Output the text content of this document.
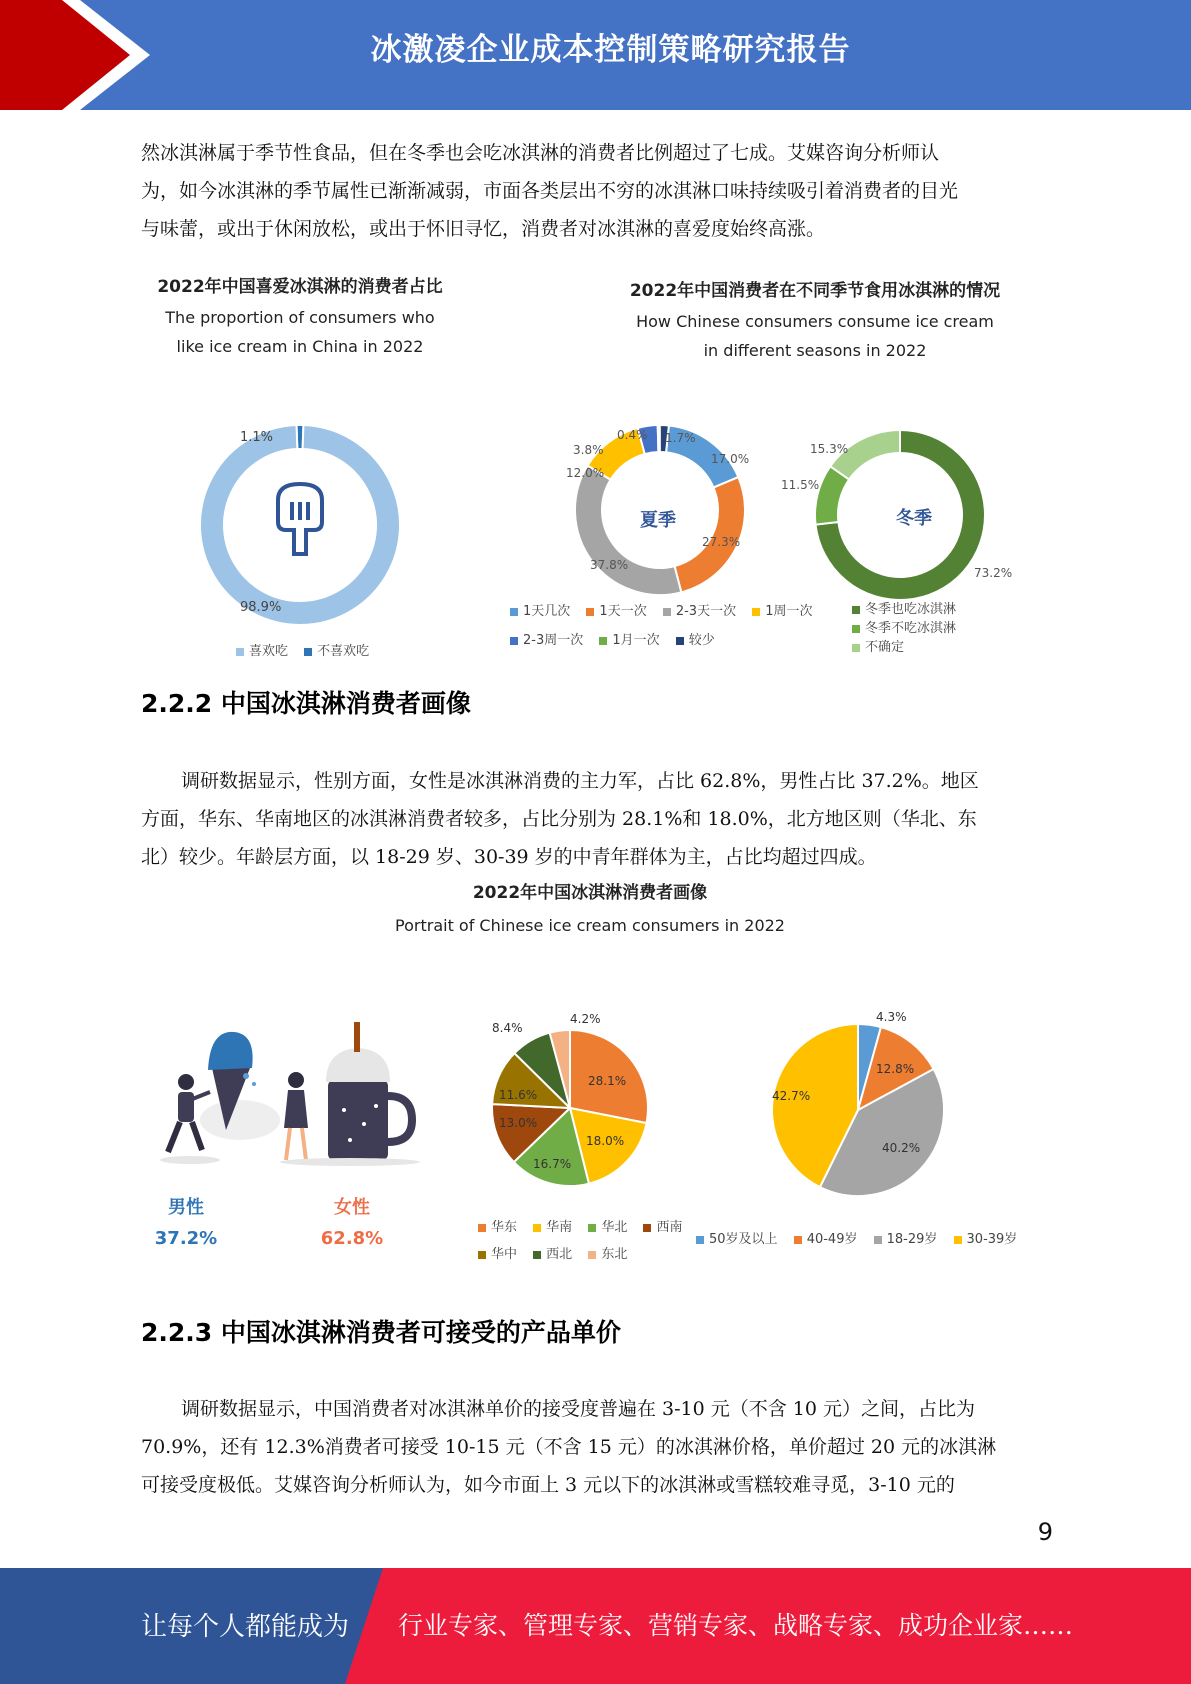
冰激凌企业成本控制策略研究报告
然冰淇淋属于季节性食品，但在冬季也会吃冰淇淋的消费者比例超过了七成。艾媒咨询分析师认
为，如今冰淇淋的季节属性已渐渐减弱，市面各类层出不穷的冰淇淋口味持续吸引着消费者的目光
与味蕾，或出于休闲放松，或出于怀旧寻忆，消费者对冰淇淋的喜爱度始终高涨。
2022年中国喜爱冰淇淋的消费者占比
The proportion of consumers who
like ice cream in China in 2022
2022年中国消费者在不同季节食用冰淇淋的情况
How Chinese consumers consume ice cream
in different seasons in 2022
98.9%
1.1%
喜欢吃 不喜欢吃
夏季
17.0%
27.3%
37.8%
12.0%
3.8%
0.4% 1.7%
1天几次 1天一次 2-3天一次 1周一次
2-3周一次 1月一次 较少
冬季
73.2%
11.5%
15.3%
冬季也吃冰淇淋
冬季不吃冰淇淋
不确定
2.2.2 中国冰淇淋消费者画像
调研数据显示，性别方面，女性是冰淇淋消费的主力军，占比 62.8%，男性占比 37.2%。地区
方面，华东、华南地区的冰淇淋消费者较多，占比分别为 28.1%和 18.0%，北方地区则（华北、东
北）较少。年龄层方面，以 18-29 岁、30-39 岁的中青年群体为主，占比均超过四成。
2022年中国冰淇淋消费者画像
Portrait of Chinese ice cream consumers in 2022
男性
37.2%
女性
62.8%
28.1%
18.0%
16.7%
13.0%
11.6%
8.4%
4.2%
华东 华南 华北 西南
华中 西北 东北
4.3%
12.8%
40.2%
42.7%
50岁及以上 40-49岁 18-29岁 30-39岁
2.2.3 中国冰淇淋消费者可接受的产品单价
调研数据显示，中国消费者对冰淇淋单价的接受度普遍在 3-10 元（不含 10 元）之间，占比为
70.9%，还有 12.3%消费者可接受 10-15 元（不含 15 元）的冰淇淋价格，单价超过 20 元的冰淇淋
可接受度极低。艾媒咨询分析师认为，如今市面上 3 元以下的冰淇淋或雪糕较难寻觅，3-10 元的
9
让每个人都能成为 行业专家、管理专家、营销专家、战略专家、成功企业家……
